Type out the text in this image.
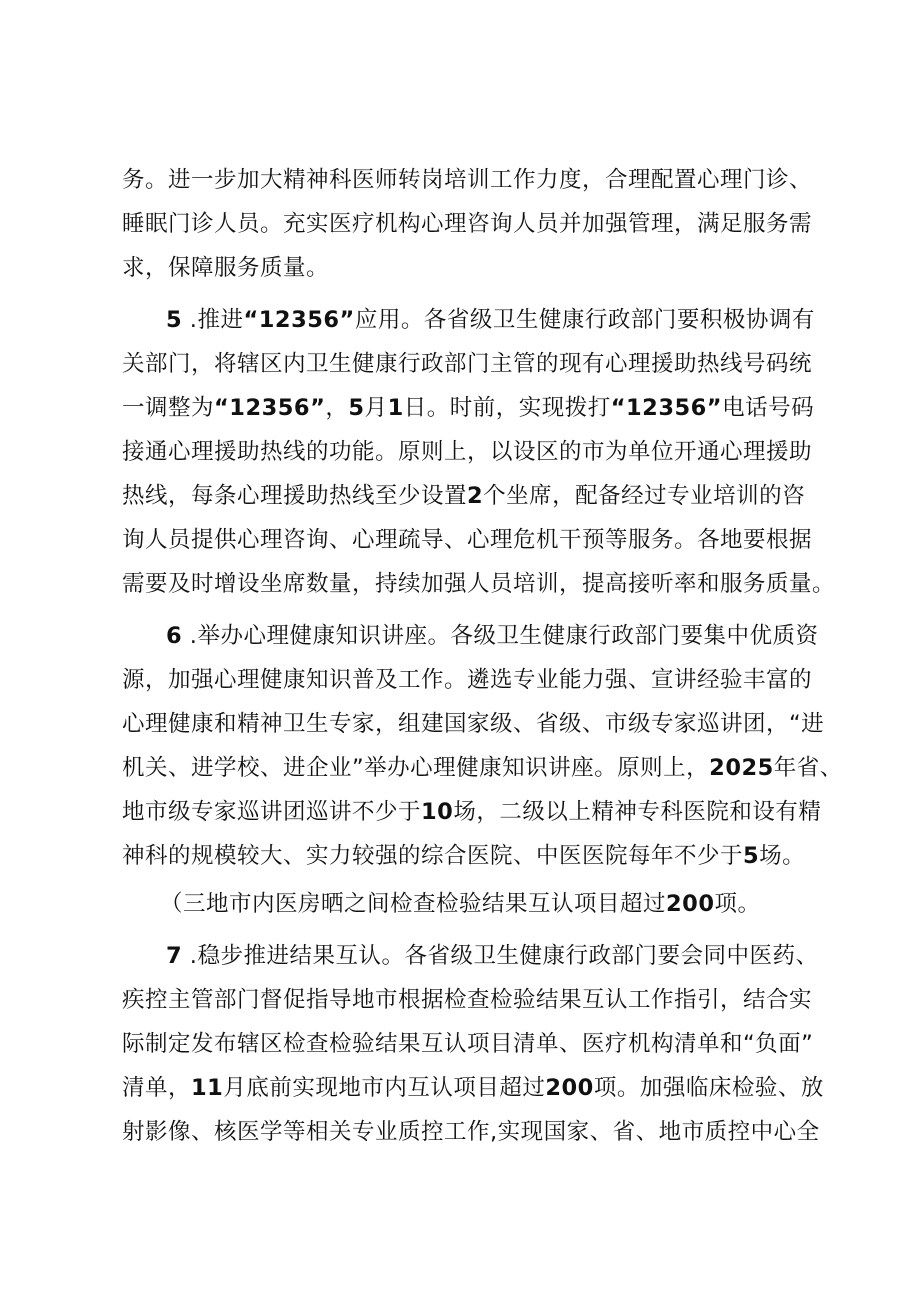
务。进一步加大精神科医师转岗培训工作力度，合理配置心理门诊、
睡眠门诊人员。充实医疗机构心理咨询人员并加强管理，满足服务需
求，保障服务质量。
5 .推进“12356”应用。各省级卫生健康行政部门要积极协调有
关部门，将辖区内卫生健康行政部门主管的现有心理援助热线号码统
一调整为“12356”，5月1日。时前，实现拨打“12356”电话号码
接通心理援助热线的功能。原则上，以设区的市为单位开通心理援助
热线，每条心理援助热线至少设置2个坐席，配备经过专业培训的咨
询人员提供心理咨询、心理疏导、心理危机干预等服务。各地要根据
需要及时增设坐席数量，持续加强人员培训，提高接听率和服务质量。
6 .举办心理健康知识讲座。各级卫生健康行政部门要集中优质资
源，加强心理健康知识普及工作。遴选专业能力强、宣讲经验丰富的
心理健康和精神卫生专家，组建国家级、省级、市级专家巡讲团，“进
机关、进学校、进企业”举办心理健康知识讲座。原则上，2025年省、
地市级专家巡讲团巡讲不少于10场，二级以上精神专科医院和设有精
神科的规模较大、实力较强的综合医院、中医医院每年不少于5场。
（三地市内医房晒之间检查检验结果互认项目超过200项。
7 .稳步推进结果互认。各省级卫生健康行政部门要会同中医药、
疾控主管部门督促指导地市根据检查检验结果互认工作指引，结合实
际制定发布辖区检查检验结果互认项目清单、医疗机构清单和“负面”
清单，11月底前实现地市内互认项目超过200项。加强临床检验、放
射影像、核医学等相关专业质控工作,实现国家、省、地市质控中心全
